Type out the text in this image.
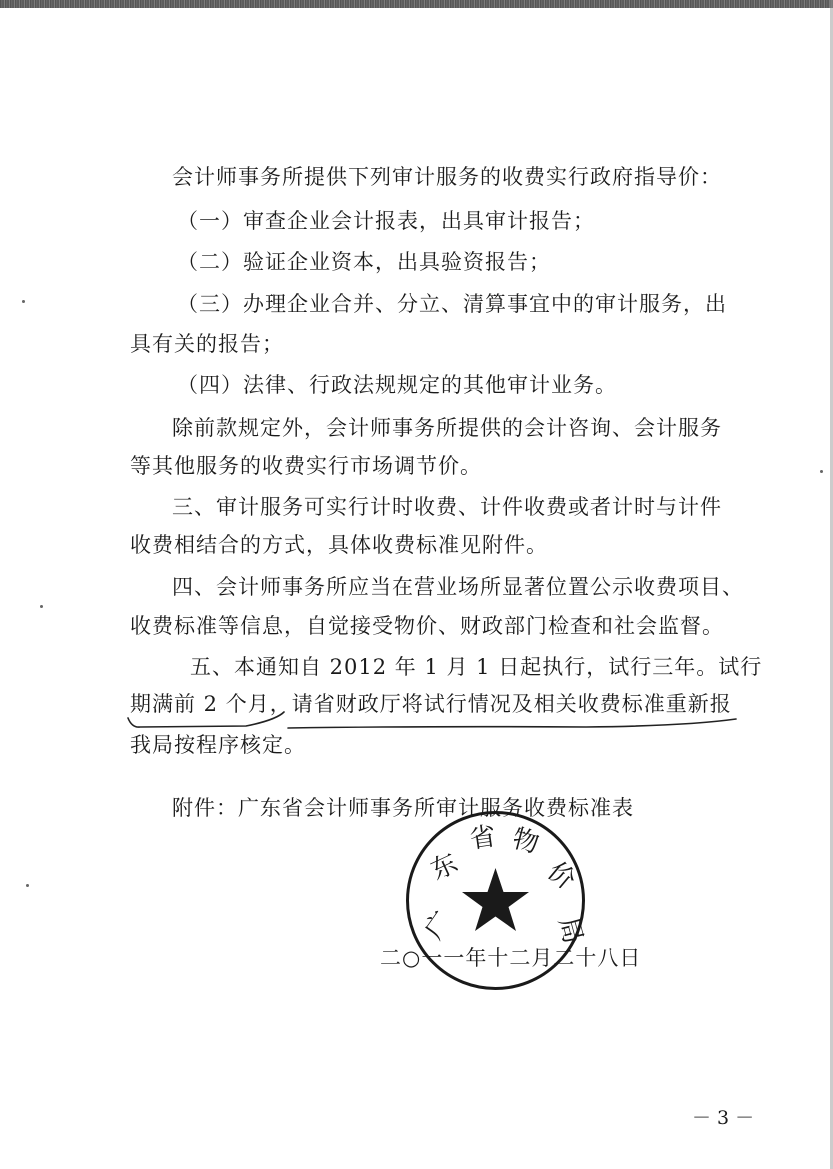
会计师事务所提供下列审计服务的收费实行政府指导价：
（一）审查企业会计报表，出具审计报告；
（二）验证企业资本，出具验资报告；
（三）办理企业合并、分立、清算事宜中的审计服务，出
具有关的报告；
（四）法律、行政法规规定的其他审计业务。
除前款规定外，会计师事务所提供的会计咨询、会计服务
等其他服务的收费实行市场调节价。
三、审计服务可实行计时收费、计件收费或者计时与计件
收费相结合的方式，具体收费标准见附件。
四、会计师事务所应当在营业场所显著位置公示收费项目、
收费标准等信息，自觉接受物价、财政部门检查和社会监督。
五、本通知自 2012 年 1 月 1 日起执行，试行三年。试行
期满前 2 个月，请省财政厅将试行情况及相关收费标准重新报
我局按程序核定。
附件：广东省会计师事务所审计服务收费标准表
二○一一年十二月二十八日
广
东
省 物
价
局
－ 3 －
